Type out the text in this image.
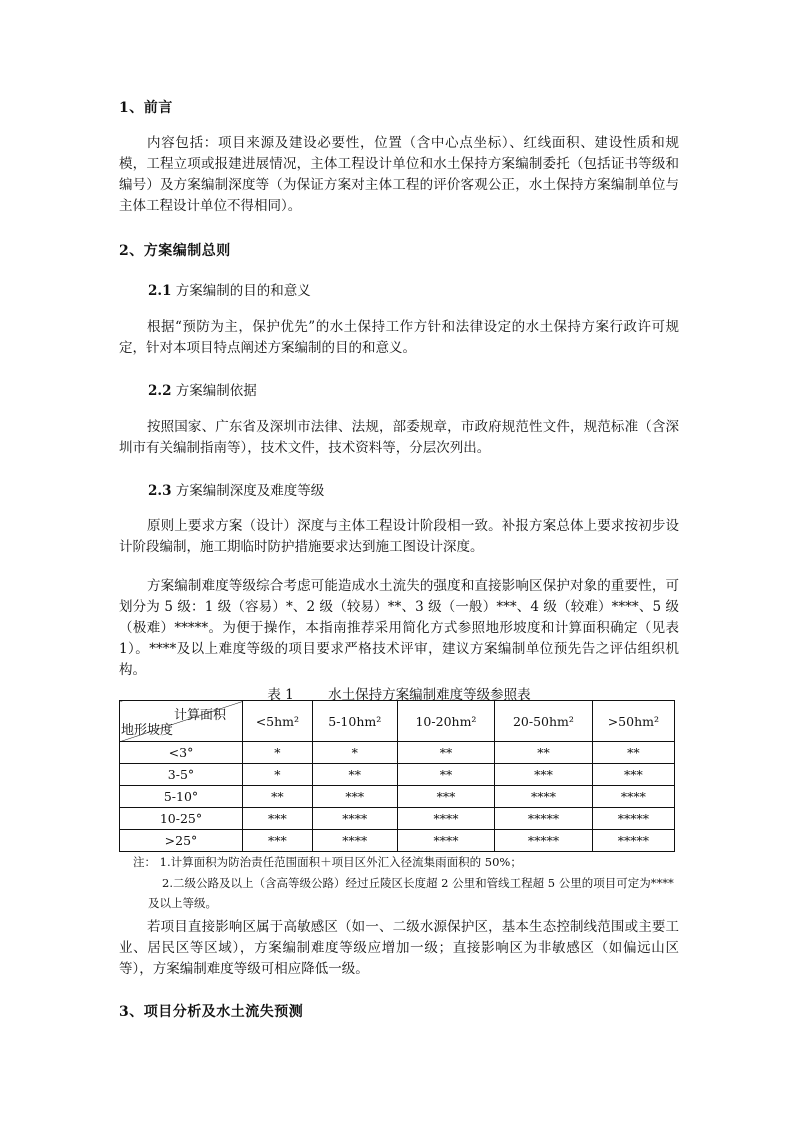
1、前言
内容包括：项目来源及建设必要性，位置（含中心点坐标）、红线面积、建设性质和规模，工程立项或报建进展情况，主体工程设计单位和水土保持方案编制委托（包括证书等级和编号）及方案编制深度等（为保证方案对主体工程的评价客观公正，水土保持方案编制单位与主体工程设计单位不得相同）。
2、方案编制总则
2.1 方案编制的目的和意义
根据“预防为主，保护优先”的水土保持工作方针和法律设定的水土保持方案行政许可规定，针对本项目特点阐述方案编制的目的和意义。
2.2 方案编制依据
按照国家、广东省及深圳市法律、法规，部委规章，市政府规范性文件，规范标准（含深圳市有关编制指南等），技术文件，技术资料等，分层次列出。
2.3 方案编制深度及难度等级
原则上要求方案（设计）深度与主体工程设计阶段相一致。补报方案总体上要求按初步设计阶段编制，施工期临时防护措施要求达到施工图设计深度。
方案编制难度等级综合考虑可能造成水土流失的强度和直接影响区保护对象的重要性，可划分为 5 级：1 级（容易）*、2 级（较易）**、3 级（一般）***、4 级（较难）****、5 级（极难）*****。为便于操作，本指南推荐采用简化方式参照地形坡度和计算面积确定（见表 1）。****及以上难度等级的项目要求严格技术评审，建议方案编制单位预先告之评估组织机构。
表 1	水土保持方案编制难度等级参照表
计算面积
地形坡度	<5hm²	5-10hm²	10-20hm²	20-50hm²	>50hm²
<3°	*	*	**	**	**
3-5°	*	**	**	***	***
5-10°	**	***	***	****	****
10-25°	***	****	****	*****	*****
>25°	***	****	****	*****	*****
注： 1.计算面积为防治责任范围面积＋项目区外汇入径流集雨面积的 50%；
2.二级公路及以上（含高等级公路）经过丘陵区长度超 2 公里和管线工程超 5 公里的项目可定为****
及以上等级。
若项目直接影响区属于高敏感区（如一、二级水源保护区，基本生态控制线范围或主要工业、居民区等区域），方案编制难度等级应增加一级；直接影响区为非敏感区（如偏远山区等），方案编制难度等级可相应降低一级。
3、项目分析及水土流失预测
